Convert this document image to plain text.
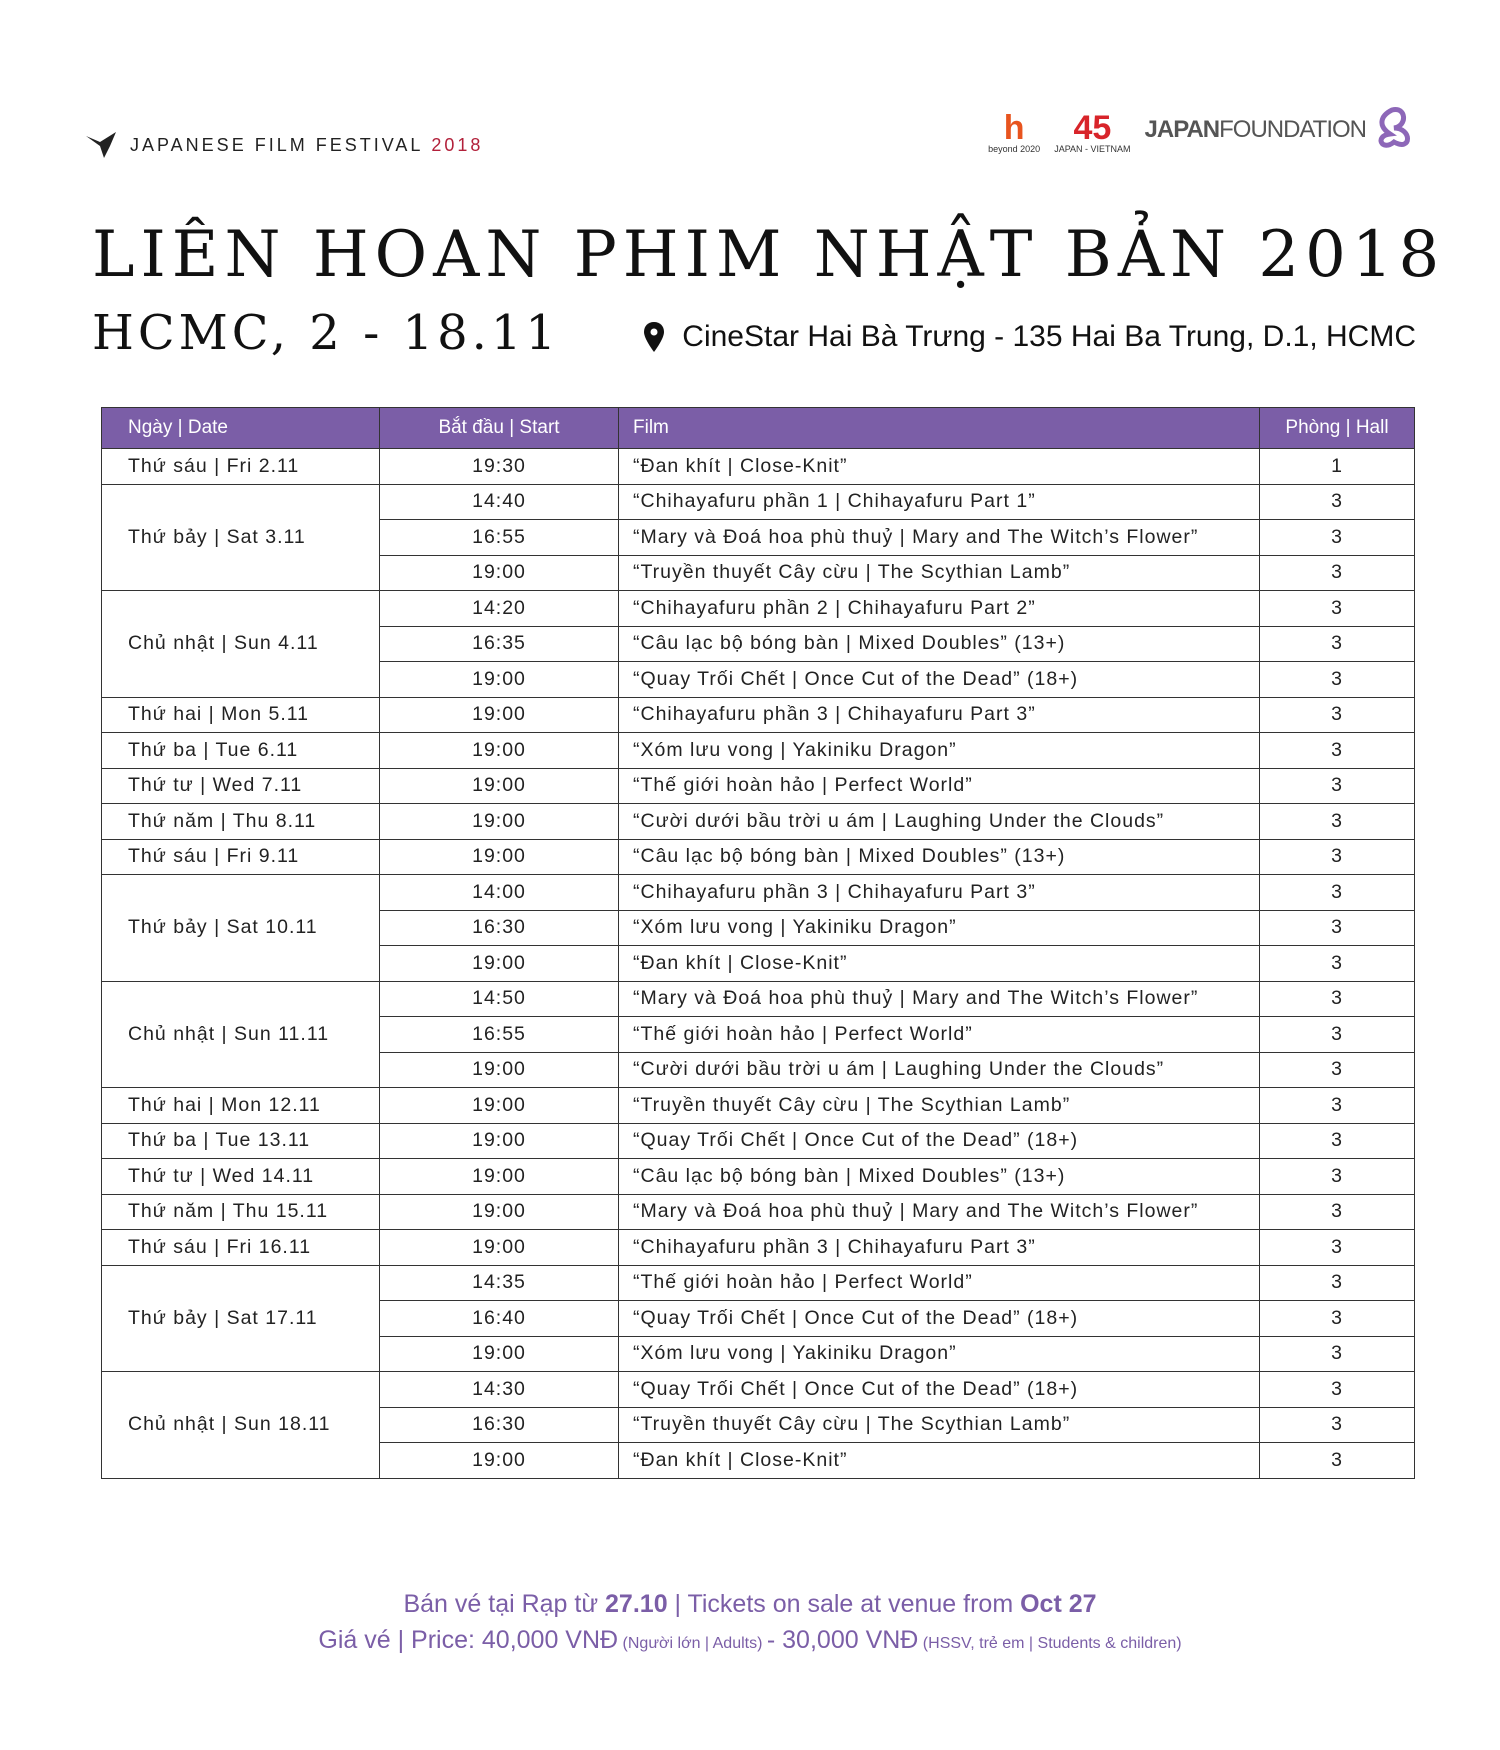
JAPANESE FILM FESTIVAL 2018	h
beyond 2020
45
JAPAN - VIETNAM
JAPANFOUNDATION
LIÊN HOAN PHIM NHẬT BẢN 2018
HCMC, 2 - 18.11	CineStar Hai Bà Trưng - 135 Hai Ba Trung, D.1, HCMC
Ngày | Date	Bắt đầu | Start	Film	Phòng | Hall
Thứ sáu | Fri 2.11	19:30	“Đan khít | Close-Knit”	1
Thứ bảy | Sat 3.11	14:40	“Chihayafuru phần 1 | Chihayafuru Part 1”	3
	16:55	“Mary và Đoá hoa phù thuỷ | Mary and The Witch’s Flower”	3
	19:00	“Truyền thuyết Cây cừu | The Scythian Lamb”	3
Chủ nhật | Sun 4.11	14:20	“Chihayafuru phần 2 | Chihayafuru Part 2”	3
	16:35	“Câu lạc bộ bóng bàn | Mixed Doubles” (13+)	3
	19:00	“Quay Trối Chết | Once Cut of the Dead” (18+)	3
Thứ hai | Mon 5.11	19:00	“Chihayafuru phần 3 | Chihayafuru Part 3”	3
Thứ ba | Tue 6.11	19:00	“Xóm lưu vong | Yakiniku Dragon”	3
Thứ tư | Wed 7.11	19:00	“Thế giới hoàn hảo | Perfect World”	3
Thứ năm | Thu 8.11	19:00	“Cười dưới bầu trời u ám | Laughing Under the Clouds”	3
Thứ sáu | Fri 9.11	19:00	“Câu lạc bộ bóng bàn | Mixed Doubles” (13+)	3
Thứ bảy | Sat 10.11	14:00	“Chihayafuru phần 3 | Chihayafuru Part 3”	3
	16:30	“Xóm lưu vong | Yakiniku Dragon”	3
	19:00	“Đan khít | Close-Knit”	3
Chủ nhật | Sun 11.11	14:50	“Mary và Đoá hoa phù thuỷ | Mary and The Witch’s Flower”	3
	16:55	“Thế giới hoàn hảo | Perfect World”	3
	19:00	“Cười dưới bầu trời u ám | Laughing Under the Clouds”	3
Thứ hai | Mon 12.11	19:00	“Truyền thuyết Cây cừu | The Scythian Lamb”	3
Thứ ba | Tue 13.11	19:00	“Quay Trối Chết | Once Cut of the Dead” (18+)	3
Thứ tư | Wed 14.11	19:00	“Câu lạc bộ bóng bàn | Mixed Doubles” (13+)	3
Thứ năm | Thu 15.11	19:00	“Mary và Đoá hoa phù thuỷ | Mary and The Witch’s Flower”	3
Thứ sáu | Fri 16.11	19:00	“Chihayafuru phần 3 | Chihayafuru Part 3”	3
Thứ bảy | Sat 17.11	14:35	“Thế giới hoàn hảo | Perfect World”	3
	16:40	“Quay Trối Chết | Once Cut of the Dead” (18+)	3
	19:00	“Xóm lưu vong | Yakiniku Dragon”	3
Chủ nhật | Sun 18.11	14:30	“Quay Trối Chết | Once Cut of the Dead” (18+)	3
	16:30	“Truyền thuyết Cây cừu | The Scythian Lamb”	3
	19:00	“Đan khít | Close-Knit”	3
Bán vé tại Rạp từ 27.10 | Tickets on sale at venue from Oct 27
Giá vé | Price: 40,000 VNĐ (Người lớn | Adults) - 30,000 VNĐ (HSSV, trẻ em | Students & children)
